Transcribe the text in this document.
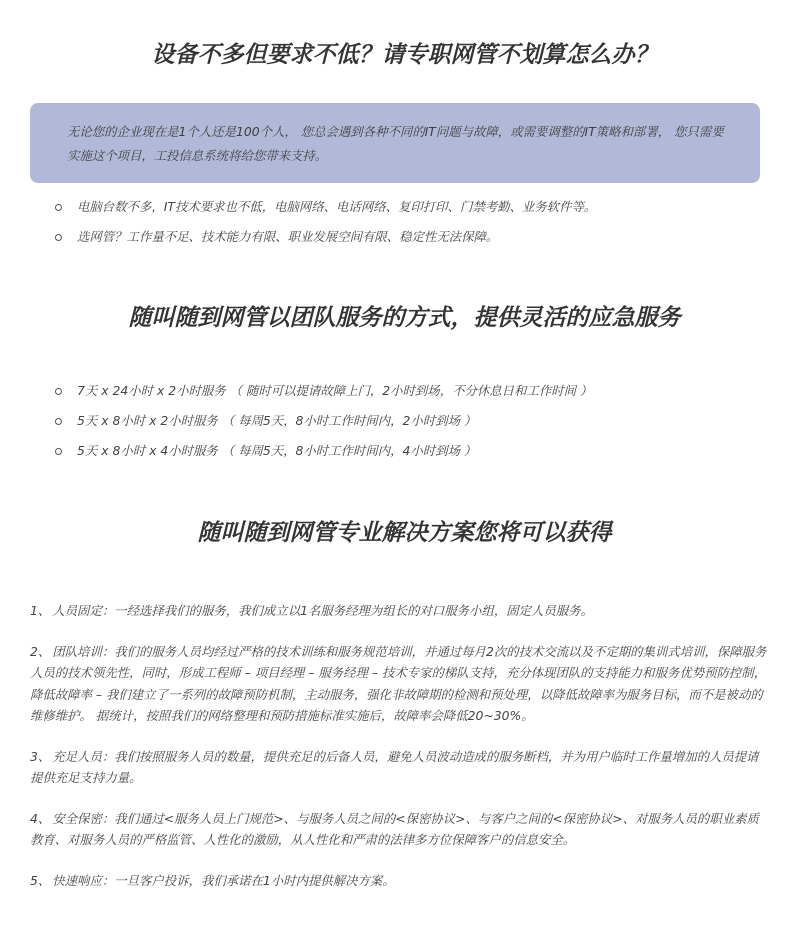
设备不多但要求不低？请专职网管不划算怎么办？

无论您的企业现在是1个人还是100个人， 您总会遇到各种不同的IT问题与故障，或需要调整的IT策略和部署， 您只需要实施这个项目，工投信息系统将给您带来支持。

电脑台数不多，IT技术要求也不低，电脑网络、电话网络、复印打印、门禁考勤、业务软件等。
选网管？工作量不足、技术能力有限、职业发展空间有限、稳定性无法保障。
随叫随到网管以团队服务的方式，提供灵活的应急服务
7天 x 24小时 x 2小时服务 （ 随时可以提请故障上门，2小时到场，不分休息日和工作时间 ）
5天 x 8小时 x 2小时服务 （ 每周5天，8小时工作时间内，2小时到场 ）
5天 x 8小时 x 4小时服务 （ 每周5天，8小时工作时间内，4小时到场 ）
随叫随到网管专业解决方案您将可以获得

1、 人员固定：一经选择我们的服务，我们成立以1名服务经理为组长的对口服务小组，固定人员服务。

2、 团队培训：我们的服务人员均经过严格的技术训练和服务规范培训，并通过每月2次的技术交流以及不定期的集训式培训，保障服务人员的技术领先性，同时，形成工程师 – 项目经理 – 服务经理 – 技术专家的梯队支持，充分体现团队的支持能力和服务优势预防控制，降低故障率 – 我们建立了一系列的故障预防机制，主动服务，强化非故障期的检测和预处理，以降低故障率为服务目标，而不是被动的维修维护。 据统计，按照我们的网络整理和预防措施标准实施后，故障率会降低20~30%。

3、 充足人员：我们按照服务人员的数量，提供充足的后备人员，避免人员波动造成的服务断档，并为用户临时工作量增加的人员提请提供充足支持力量。

4、 安全保密：我们通过<服务人员上门规范>、与服务人员之间的<保密协议>、与客户之间的<保密协议>、对服务人员的职业素质教育、对服务人员的严格监管、人性化的激励，从人性化和严肃的法律多方位保障客户的信息安全。

5、 快速响应：一旦客户投诉，我们承诺在1小时内提供解决方案。
